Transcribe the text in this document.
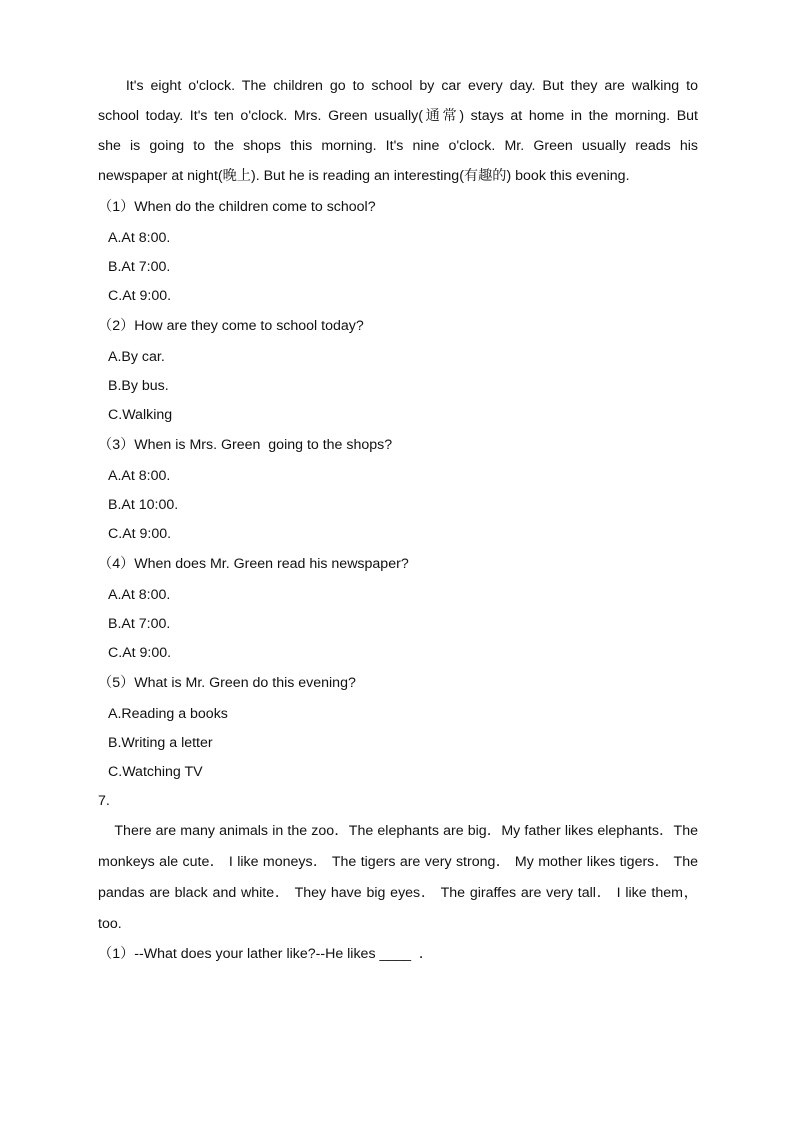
It's eight o'clock. The children go to school by car every day. But they are walking to
school today. It's ten o'clock. Mrs. Green usually(通常) stays at home in the morning. But
she is going to the shops this morning. It's nine o'clock. Mr. Green usually reads his
newspaper at night(晚上). But he is reading an interesting(有趣的) book this evening.
（1）When do the children come to school?
A.At 8:00.
B.At 7:00.
C.At 9:00.
（2）How are they come to school today?
A.By car.
B.By bus.
C.Walking
（3）When is Mrs. Green  going to the shops?
A.At 8:00.
B.At 10:00.
C.At 9:00.
（4）When does Mr. Green read his newspaper?
A.At 8:00.
B.At 7:00.
C.At 9:00.
（5）What is Mr. Green do this evening?
A.Reading a books
B.Writing a letter
C.Watching TV
7.
There are many animals in the zoo．The elephants are big．My father likes elephants．The
monkeys ale cute． I like moneys． The tigers are very strong． My mother likes tigers． The
pandas are black and white． They have big eyes． The giraffes are very tall． I like them，
too.
（1）--What does your lather like?--He likes ____  ．
